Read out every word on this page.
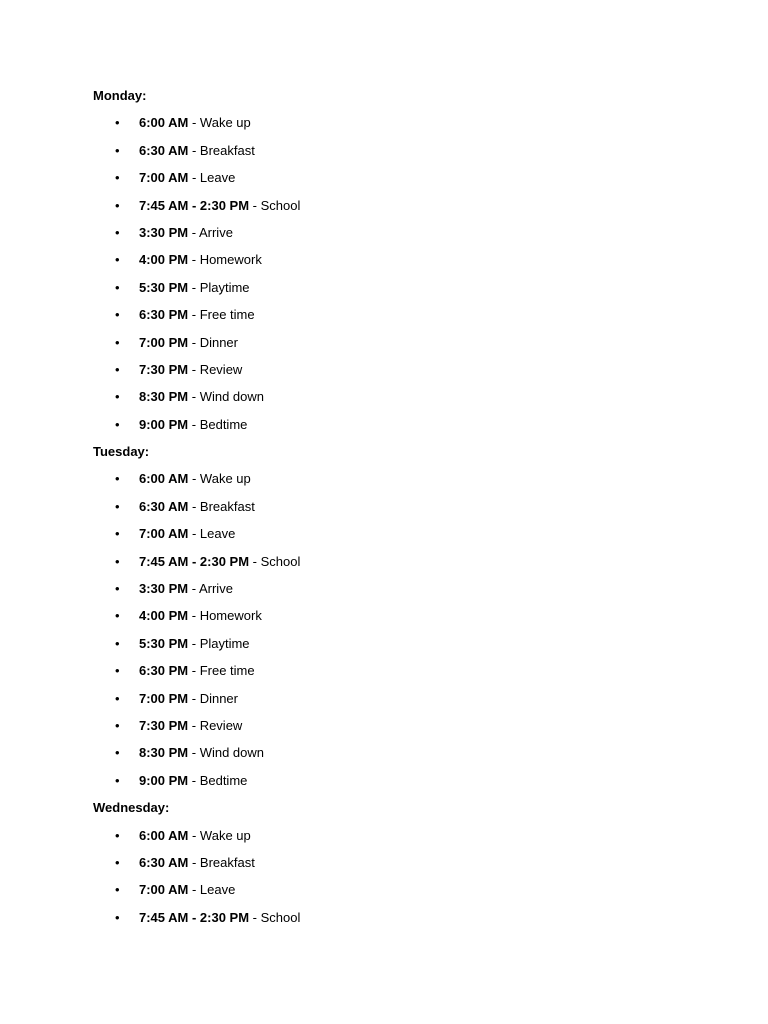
Monday:
• 6:00 AM - Wake up
• 6:30 AM - Breakfast
• 7:00 AM - Leave
• 7:45 AM - 2:30 PM - School
• 3:30 PM - Arrive
• 4:00 PM - Homework
• 5:30 PM - Playtime
• 6:30 PM - Free time
• 7:00 PM - Dinner
• 7:30 PM - Review
• 8:30 PM - Wind down
• 9:00 PM - Bedtime
Tuesday:
• 6:00 AM - Wake up
• 6:30 AM - Breakfast
• 7:00 AM - Leave
• 7:45 AM - 2:30 PM - School
• 3:30 PM - Arrive
• 4:00 PM - Homework
• 5:30 PM - Playtime
• 6:30 PM - Free time
• 7:00 PM - Dinner
• 7:30 PM - Review
• 8:30 PM - Wind down
• 9:00 PM - Bedtime
Wednesday:
• 6:00 AM - Wake up
• 6:30 AM - Breakfast
• 7:00 AM - Leave
• 7:45 AM - 2:30 PM - School
